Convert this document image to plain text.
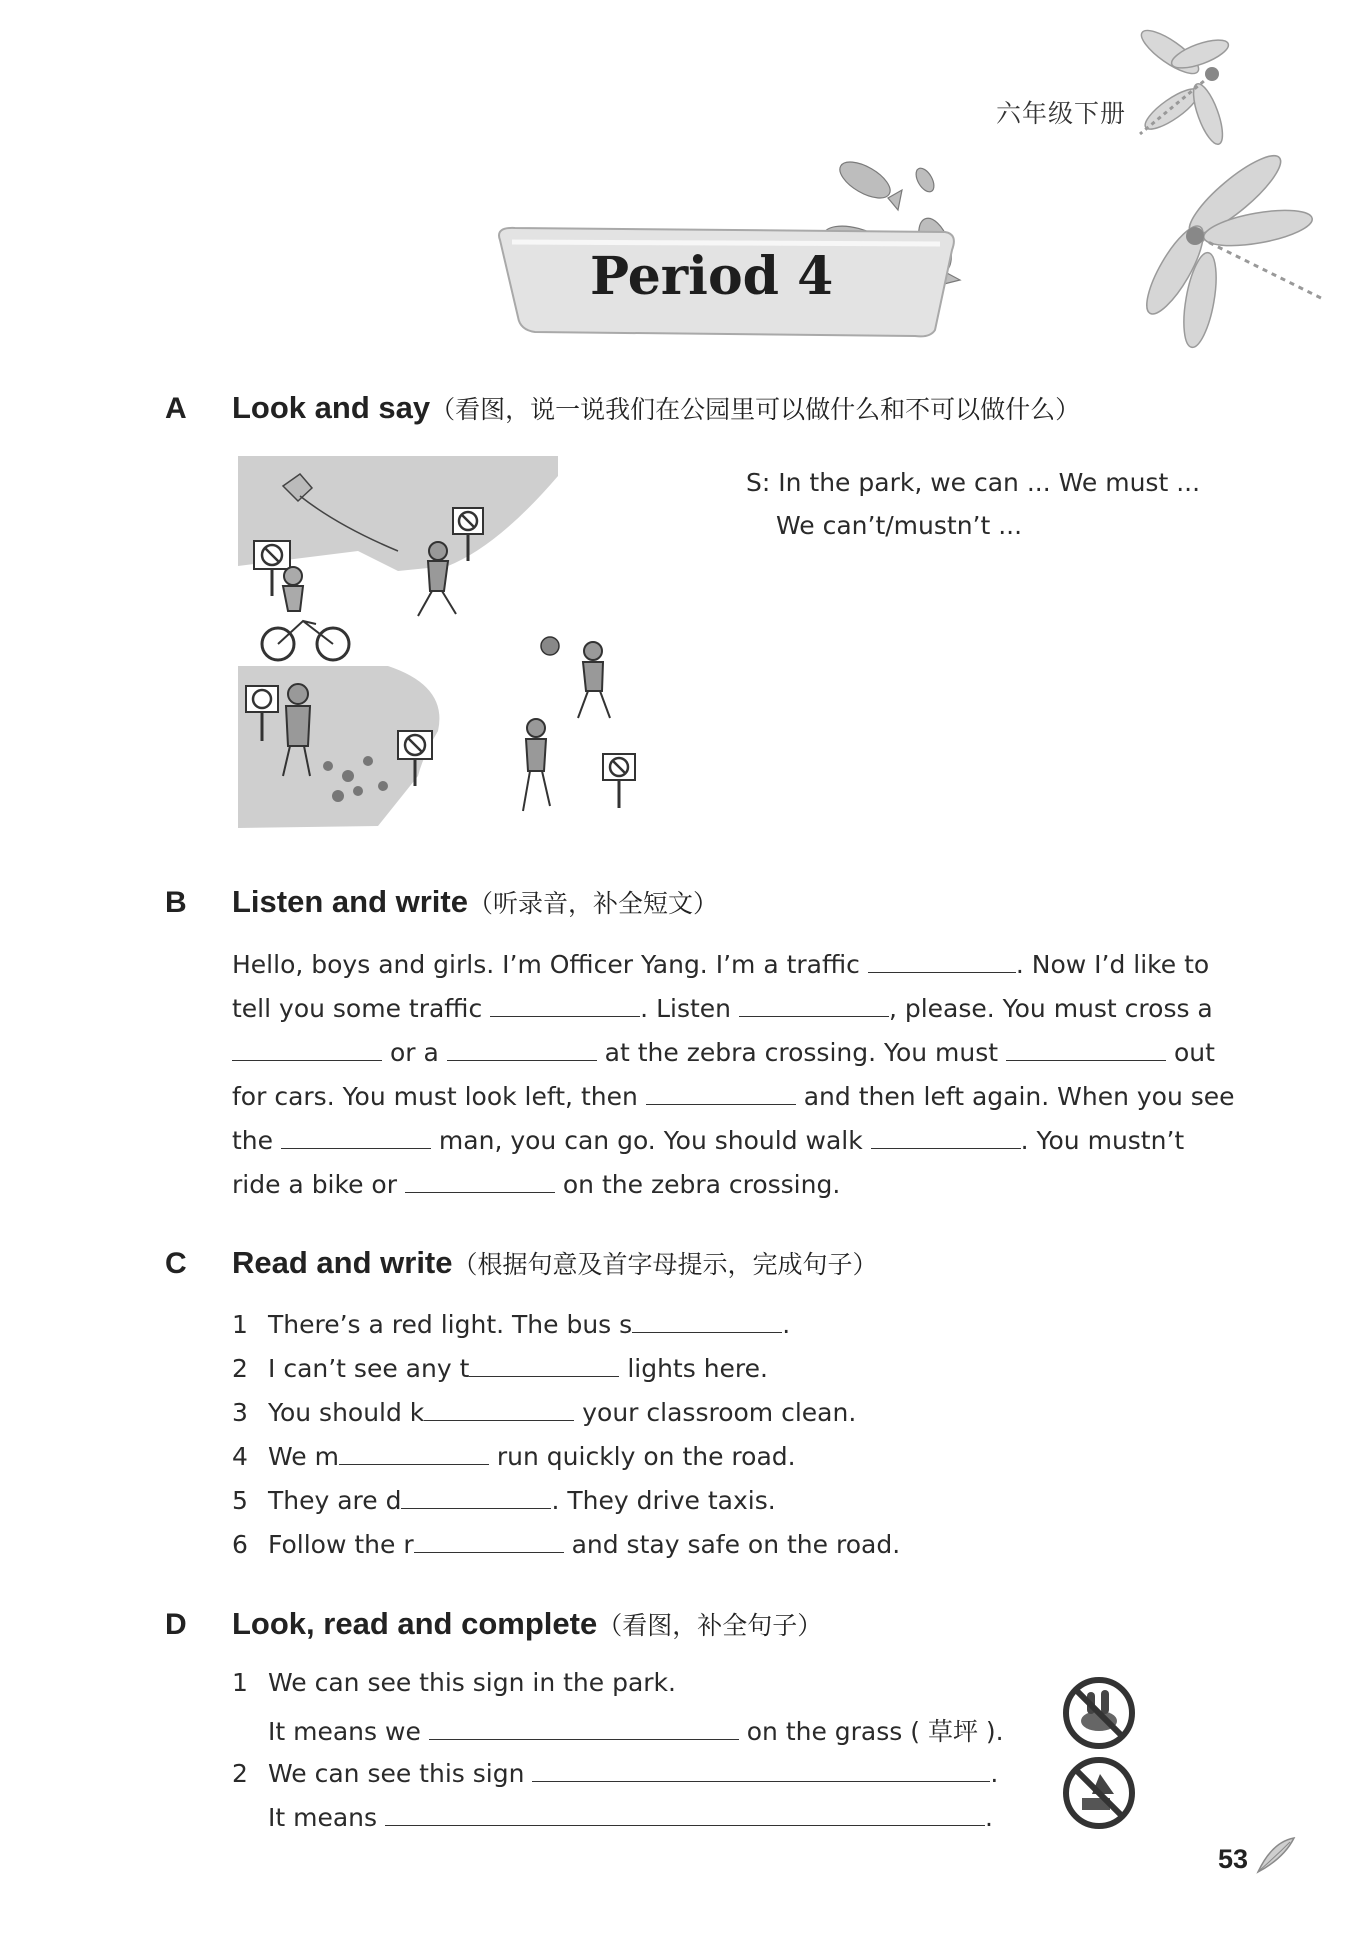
六年级下册
Period 4
A Look and say（看图，说一说我们在公园里可以做什么和不可以做什么）
S: In the park, we can ... We must ...
We can’t/mustn’t ...
B Listen and write（听录音，补全短文）
Hello, boys and girls. I’m Officer Yang. I’m a traffic	. Now I’d like to
tell you some traffic	. Listen	, please. You must cross a
or a	at the zebra crossing. You must	out
for cars. You must look left, then	and then left again. When you see
the	man, you can go. You should walk	. You mustn’t
ride a bike or	on the zebra crossing.
C Read and write（根据句意及首字母提示，完成句子）
1 There’s a red light. The bus s	.
2 I can’t see any t	lights here.
3 You should k	your classroom clean.
4 We m	run quickly on the road.
5 They are d	. They drive taxis.
6 Follow the r	and stay safe on the road.
D Look, read and complete（看图，补全句子）
1 We can see this sign in the park.
It means we	on the grass ( 草坪 ).
2 We can see this sign	.
It means	.
53
